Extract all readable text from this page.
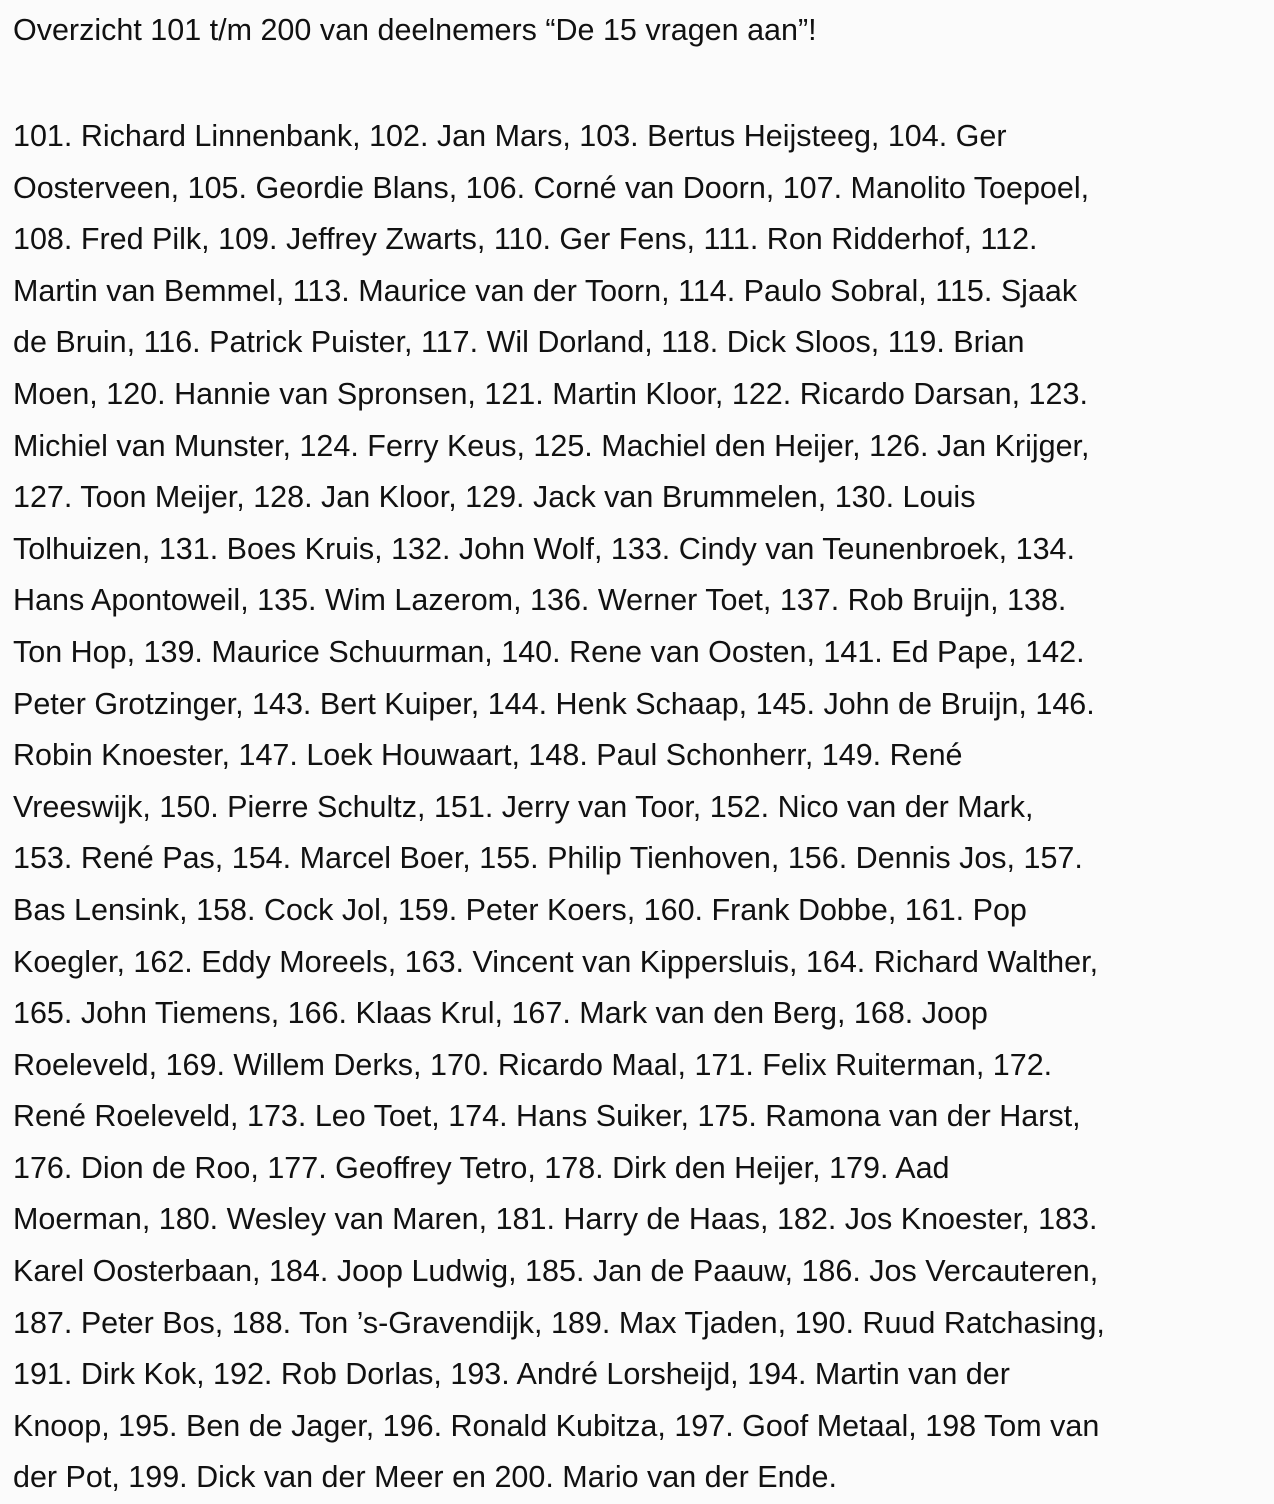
Overzicht 101 t/m 200 van deelnemers “De 15 vragen aan”!
101. Richard Linnenbank, 102. Jan Mars, 103. Bertus Heijsteeg, 104. Ger
Oosterveen, 105. Geordie Blans, 106. Corné van Doorn, 107. Manolito Toepoel,
108. Fred Pilk, 109. Jeffrey Zwarts, 110. Ger Fens, 111. Ron Ridderhof, 112.
Martin van Bemmel, 113. Maurice van der Toorn, 114. Paulo Sobral, 115. Sjaak
de Bruin, 116. Patrick Puister, 117. Wil Dorland, 118. Dick Sloos, 119. Brian
Moen, 120. Hannie van Spronsen, 121. Martin Kloor, 122. Ricardo Darsan, 123.
Michiel van Munster, 124. Ferry Keus, 125. Machiel den Heijer, 126. Jan Krijger,
127. Toon Meijer, 128. Jan Kloor, 129. Jack van Brummelen, 130. Louis
Tolhuizen, 131. Boes Kruis, 132. John Wolf, 133. Cindy van Teunenbroek, 134.
Hans Apontoweil, 135. Wim Lazerom, 136. Werner Toet, 137. Rob Bruijn, 138.
Ton Hop, 139. Maurice Schuurman, 140. Rene van Oosten, 141. Ed Pape, 142.
Peter Grotzinger, 143. Bert Kuiper, 144. Henk Schaap, 145. John de Bruijn, 146.
Robin Knoester, 147. Loek Houwaart, 148. Paul Schonherr, 149. René
Vreeswijk, 150. Pierre Schultz, 151. Jerry van Toor, 152. Nico van der Mark,
153. René Pas, 154. Marcel Boer, 155. Philip Tienhoven, 156. Dennis Jos, 157.
Bas Lensink, 158. Cock Jol, 159. Peter Koers, 160. Frank Dobbe, 161. Pop
Koegler, 162. Eddy Moreels, 163. Vincent van Kippersluis, 164. Richard Walther,
165. John Tiemens, 166. Klaas Krul, 167. Mark van den Berg, 168. Joop
Roeleveld, 169. Willem Derks, 170. Ricardo Maal, 171. Felix Ruiterman, 172.
René Roeleveld, 173. Leo Toet, 174. Hans Suiker, 175. Ramona van der Harst,
176. Dion de Roo, 177. Geoffrey Tetro, 178. Dirk den Heijer, 179. Aad
Moerman, 180. Wesley van Maren, 181. Harry de Haas, 182. Jos Knoester, 183.
Karel Oosterbaan, 184. Joop Ludwig, 185. Jan de Paauw, 186. Jos Vercauteren,
187. Peter Bos, 188. Ton ’s-Gravendijk, 189. Max Tjaden, 190. Ruud Ratchasing,
191. Dirk Kok, 192. Rob Dorlas, 193. André Lorsheijd, 194. Martin van der
Knoop, 195. Ben de Jager, 196. Ronald Kubitza, 197. Goof Metaal, 198 Tom van
der Pot, 199. Dick van der Meer en 200. Mario van der Ende.
